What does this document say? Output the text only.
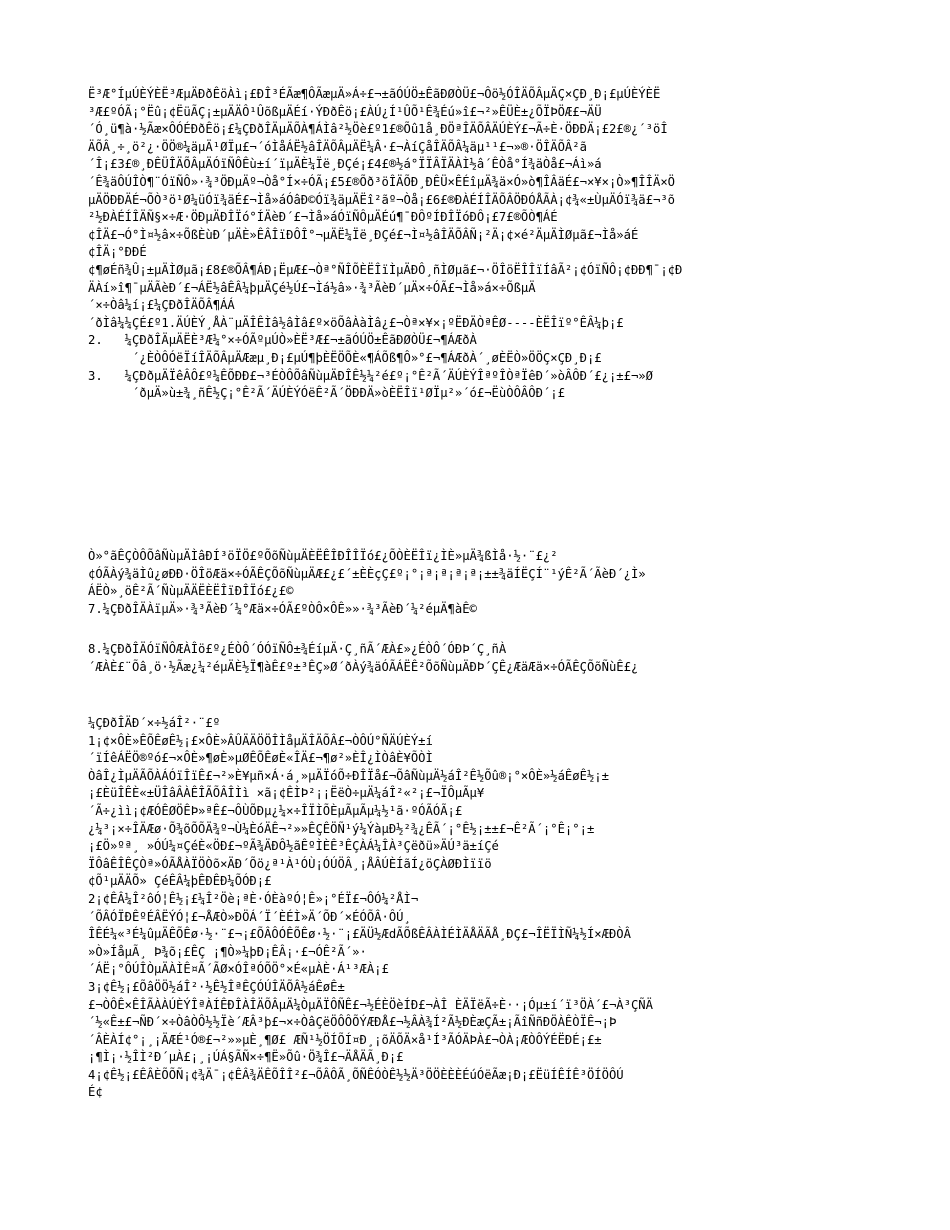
Ë³Æ°ÍµÚÈÝÈË³ÆµÄÐðÊöÀì¡£ÐÎ³ÉÃæ¶ÔÃæµÄ»Á÷£¬±ãÓÚÖ±ÊãÐØÒÜ£¬Ôö½ÓÎÄÕÂµÄÇ×ÇÐ¸Ð¡£µÚÈÝÈË
³Æ£ºÓÃ¡°Ëû¡¢ËüÃÇ¡±µÄÄÔ¹ÛõßµÄÉí·ÝÐðÊö¡£ÀÚ¿Í¹ÛÕ¹Ê¾Éú»î£¬²»ÊÜÈ±¿ÕÏÞÖÆ£¬ÄÜ
´Ó¸ü¶à·½Ãæ×ÔÓÉÐðÊö¡£¼ÇÐðÎÄµÄÕÀ¶ÁÌâ²½Öè£º1£®Õû1å¸ÐÖªÎÄÕÂÄÚÈÝ£¬Ã÷È·ÖÐÐÄ¡£2£®¿´³öÎ
ÄÕÂ¸÷¸ö²¿·ÖÖ®¼äµÄ¹ØÏµ£¬´óÌåÁË½âÎÄÕÂµÄË¼Â·£¬ÀíÇåÎÄÕÂ¼äµ¹¹£¬»®·ÖÎÄÕÂ²ã
´Î¡£3£®¸ÐÊÜÎÄÕÂµÄÓïÑÔÊù±í´ïµÄÈ¼Ïë¸ÐÇé¡£4£®½á°ÏÏÂÏÄÀÌ½â´ÊÒå°Í¾äÒå£¬Áì»á
´Ê¾äÔÚÎÒ¶¨ÓïÑÔ»·¾³ÖÐµÄº¬Òå°Í×÷ÓÃ¡£5£®Õð³öÎÄÕÐ¸ÐÊÜ×ÊÉîµÄ¾ä×Ó»ò¶ÎÂäÉ£¬×¥×¡Ò»¶ÎÎÄ×Ö
µÄÖÐÐÄÉ¬ÕÒ³ö¹Ø¼üÓï¾äÉ£¬Ìå»áÓâÐ©Óï¾äµÄËî²ãº¬Òå¡£6£®ÐÀÉÍÎÄÕÂÖÐÓÅÃÀ¡¢¾«±ÙµÄÓï¾ä£¬³õ
²½ÐÀÉÍÎÄÑ§×÷Æ·ÖÐµÄÐÎÏó°ÍÄèÐ´£¬Ìå»áÓïÑÔµÄÉú¶¯ÐÔºÍÐÎÏóÐÔ¡£7£®ÕÒ¶ÁÉ
¢ÎÄ£¬Ó°Ì¤½â×÷ÕßÈùÐ´µÄÈ»ÊÂÎïÐÔÎ°¬µÄË¼Ïë¸ÐÇé£¬Ì¤½âÎÄÕÂÑ¡²Ä¡¢×é²ÄµÄÌØµã£¬Ìå»áÉ
¢ÎÄ¡°ÐÐÉ
¢¶øÉñ¾Û¡±µÄÌØµã¡£8£®ÕÂ¶ÁÐ¡ËµÆ£¬Òª°ÑÎÕÈËÎïÌµÄÐÔ¸ñÌØµã£¬·ÖÎöËÎÎïÍâÃ²¡¢ÓïÑÔ¡¢ÐÐ¶¯¡¢Ð
ÄÀí»î¶¯µÄÃèÐ´£¬ÁË½âÊÂ¼þµÄÇé½Ú£¬Ìá½â»·¾³ÃèÐ´µÄ×÷ÓÃ£¬Ìå»á×÷ÕßµÄ
´×÷Òâ¼í¡£¼ÇÐðÎÄÕÂ¶ÁÁ
´ðÌâ¼¼ÇÉ£º1.ÄÚÈÝ¸ÅÀ¨µÄÎÊÌâ½âÌâ£º×öÕâÀàÌâ¿£¬Òª×¥×¡ºËÐÄÒªÊØ----ÈËÎïº°ÊÂ¼þ¡£
2.   ¼ÇÐðÎÄµÄËÈ³Æ¼°×÷ÓÃºµÚÒ»ÈË³Æ£¬±ãÓÚÖ±ÊãÐØÒÜ£¬¶ÁÆðÀ
´¿ÈÒÔÓëÏíÎÄÕÂµÄÆæµ¸Ð¡£µÚ¶þÈËÖÕÈ«¶ÁÕß¶Ô»°£¬¶ÁÆðÀ´¸øÈËÒ»ÖÖÇ×ÇÐ¸Ð¡£
3.   ¼ÇÐðµÄÏêÂÔ£º¼ÊÕÐÐ£¬³ÉÒÔÕâÑùµÄÐÎÊ½¼²é£º¡°Ê²Ã´ÄÚÈÝÎªºÎÒªÏêÐ´»òÂÔÐ´£¿¡±£¬»Ø
´ðµÄ»ù±¾¸ñÊ½Ç¡°Ê²Ã´ÄÚÈÝÓëÊ²Ã´ÖÐÐÄ»òÈËÎï¹ØÏµ²»´ó£¬ËùÒÔÂÔÐ´¡£
Ò»°ãÊÇÒÔÕâÑùµÄÌâÐÍ³öÏÖ£ºÕõÑùµÄÈËÊÎÐÎÎÏó£¿ÕÒÈËÎï¿ÌÈ»µÄ¾ßÌå·½·¨£¿²
¢ÓÃÀý¾äÌû¿øÐÐ·ÖÎöÆä×÷ÓÃÊÇÕõÑùµÄÆ£¿£´±ÈÈçÇ£º¡°¡ª¡ª¡ª¡ª¡±±¾äÍËÇÍ¨¹ýÊ²Ã´ÃèÐ´¿Ì»
ÁËÒ»¸öÊ²Ã´ÑùµÄÄËÈËÎïÐÎÏó£¿£©
7.¼ÇÐðÎÄÀïµÄ»·¾³ÃèÐ´¼°Æä×÷ÓÃ£ºÒÔ×ÔÊ»»·¾³ÃèÐ´¼²éµÄ¶àÊ©
8.¼ÇÐðÎÄÓïÑÔÆÀÎö£º¿ÉÒÔ´ÓÓïÑÔ±¾ÉíµÄ·Ç¸ñÃ´ÆÀ£»¿ÉÒÔ´ÓÐÞ´Ç¸ñÀ
´ÆÀÈ£¨Õâ¸ö·½Ãæ¿¼²éµÄÈ½Ï¶àÊ£º±³ÊÇ»Ø´ðÀý¾äÓÃÁËÊ²ÕõÑùµÄÐÞ´ÇÊ¿ÆäÆä×÷ÓÃÊÇÕõÑùÊ£¿
¼ÇÐðÎÄÐ´×÷½áÎ²·¨£º
1¡¢×ÔÈ»ÊÕÊøÊ½¡£×ÔÈ»ÂÛÄÄÖÖÎÌåµÄÎÄÕÂ£¬ÒÔÚ°ÑÄÚÈÝ±í
´ïÍêÁËÖ®ºó£¬×ÔÈ»¶øÈ»µØÊÕÊøÈ«ÎÄ£¬¶ø²»ÈÎ¿ÌÒâÈ¥ÕÒÌ
ÒâÎ¿ÌµÄÃÕÀÁÓïÎïÊ£¬²»È¥µñ×Á·á¸»µÄÏóÕ÷ÐÎÏå£¬ÕâÑùµÄ½áÎ²Ê½Õû®¡°×ÔÈ»½áÊøÊ½¡±
¡£ÈüÎÊÈ«±ÜÎâÂÀÊÎÃÕÂÎÌì ×ã¡¢ÊÌÞ²¡¡ËëÒ÷µÄ¼áÎ²«²¡£¬ÏÔµÃµ¥
´Ã÷¿ìì¡¢ÆÓÊØÖÊÞ»ªÊ£¬ÔÙÕÐµ¿¼×÷ÎÏÌÕÈµÃµÃµ¼½¹ã·ºÓÃÓÃ¡£
¿¼³¡×÷ÎÄÆø·Õ¾õÕÕÄ¾º¬Ù¼ÈóÄÊ¬²»»ÊÇÊÖÑ¹ý¼ÝàµÐ½²¾¿ÊÃ´¡°Ê½¡±±£¬Ê²Ã´¡°Ê¡°¡±
¡£Ö»ºª¸ »ÓÚ¼¤ÇéÈ«ÖÐ£¬ºÃ¾ÄÐÔ½ãÊºÌÈÊ³ÊÇÀÁ¼ÎÀ³Çëðü»ÄÚ³ä±íÇé
ÏÔâÊÎÊÇÒª»ÓÃÅÀÏÖÒõ×ÄÐ´Õö¿ª¹À¹ÓÙ¡ÓÚÖÂ¸¡ÅÂÚÈÍãÍ¿öÇÀØÐÌïïö
¢Õ¹µÄÄÕ» ÇéÊÂ¼þÊÐÊÐ¼ÕÓÐ¡£
2¡¢ÊÂ¼Î²ôÓ¦Ê½¡£¼Î²Öè¡ªÈ·ÓÈàºÓ¦Ê»¡°ÉÏ£¬ÔÓ¼²ÅÌ¬
´ÕÂÓÏÐÊºÉÂËÝÓ¦£¬ÅÆÒ»ÐÖÁ´Ï´ÈÉÌ»Ä´ÕÐ´×ÉÓÕÂ·ÔÚ¸
ÎÊÉ¼«³É¼ûµÄÊÕÊø·½·¨£¬¡£ÕÂÔÓÊÕÊø·½·¨¡£ÄÜ½ÆdÃÕßÊÂÀÌÉÌÄÅÄÃÅ¸ÐÇ£¬ÎËÏÌÑ¼½Í×ÆÐÒÂ
»Ò»ÍåµÃ¸ Þ¾õ¡£ÊÇ ¡¶Ò»¼þÐ¡ÊÂ¡·£¬ÓÊ²Ã´»·
´ÁË¡°ÔÚÎÒµÄÀÌÊ¤Ã´ÃØ×ÓÎªÓÕÖ°×É«µÀÈ·Á¹³ÆÀ¡£
3¡¢Ê½¡£ÕâÖÖ½áÎ²·½Ê½ÎªÊÇÓÚÎÄÕÂ½áÊøÊ±
£¬ÒÔÊ×ÊÎÃÀÀÚÈÝÎªÀÍÊÐÎÀÎÄÕÂµÄ¼ÒµÄÏÔÑÊ£¬½ÉÈÖèÍÐ£¬ÀÎ ÈÄÏëÃ÷È··¡Óµ±í´ï³ÖÀ´£¬À³ÇÑÄ
´½«Ê±£¬ÑÐ´×÷ÒâÒÔ½½Ïè´ÆÂ³þ£¬×÷ÒâÇëÖÔÔÕÝÆÐÅ£¬½ÂÀ¾Í²Ã½ÐÈæÇÃ±¡ÃîÑñÐÖÀÊÒÏÊ¬¡Þ
´ÂÈÀÍ¢°¡¸¡ÄÆÉ¹Ó®£¬²»»µÈ¸¶Ø£ ÆÑ¹½ÖÍÕÍ¤Ð¸¡õÄÕÄ×å¹Í³ÃÓÄÞÀ£¬ÒÀ¡ÆÒÔÝÉËÐÉ¡£±
¡¶Ì¡·½ÎÌ²Ð´µÀ£¡¸¡ÚÁ§ÃÑ×÷¶Ë»Õû·Ö¾Î£¬ÄÅÄÃ¸Ð¡£
4¡¢Ê½¡£ÊÂÈÕÕÑ¡¢¾Ä¯¡¢ÊÂ¾ÄÊÕÎÎ²£¬ÕÂÔÃ¸ÕÑÊÓÒÊ½½Ä³ÖÖÈÈÈÉúÓëÃæ¡Ð¡£ËüÍÊÍÊ³ÖÍÖÔÚ
É¢
